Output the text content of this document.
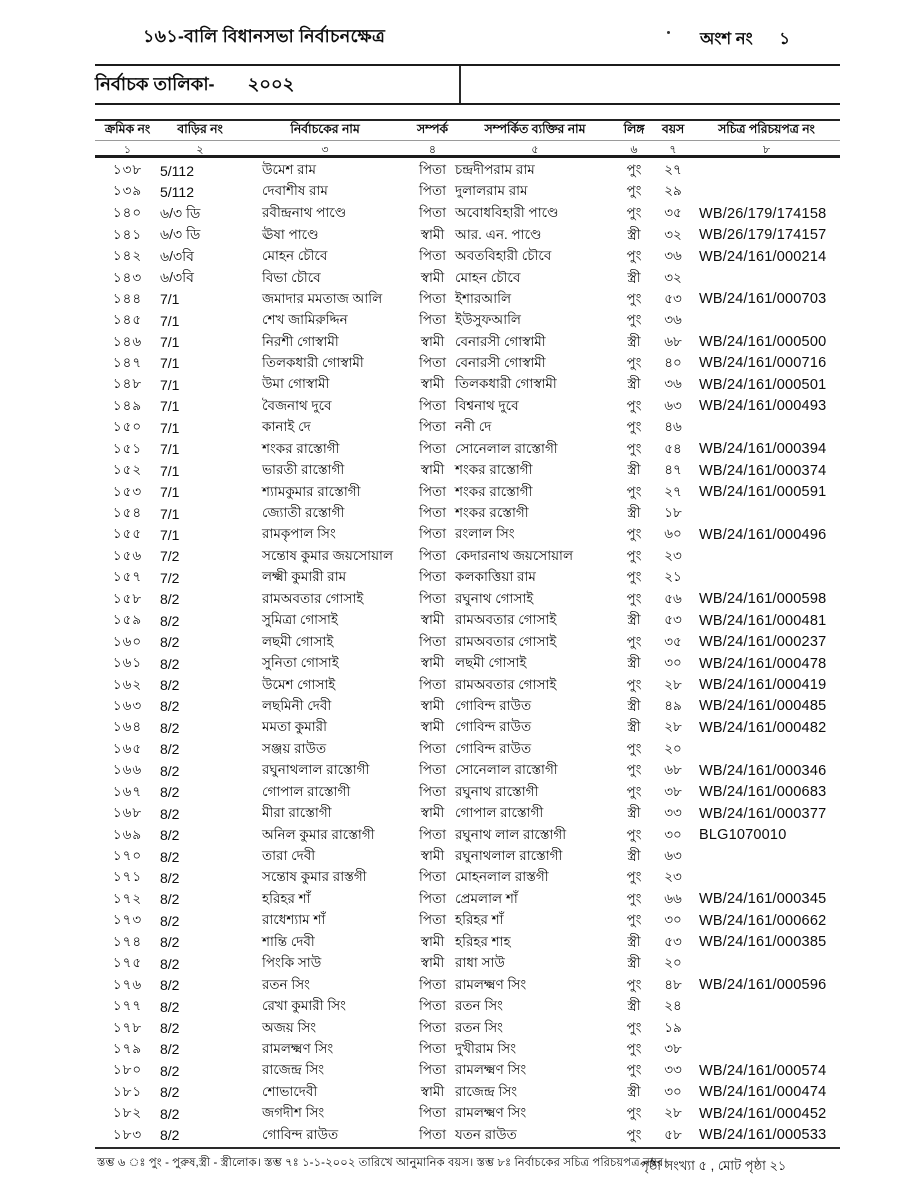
১৬১-বালি বিধানসভা নির্বাচনক্ষেত্র	অংশ নং ১
নির্বাচক তালিকা- ২০০২
ক্রমিক নং	বাড়ির নং	নির্বাচকের নাম	সম্পর্ক	সম্পর্কিত ব্যক্তির নাম	লিঙ্গ	বয়স	সচিত্র পরিচয়পত্র নং
১	২	৩	৪	৫	৬	৭	৮
১৩৮	5/112	উমেশ রাম	পিতা চন্দ্রদীপরাম রাম	পুং	২৭
১৩৯	5/112	দেবাশীষ রাম	পিতা দুলালরাম রাম	পুং	২৯
১৪০	৬/৩ ডি	রবীন্দ্রনাথ পাণ্ডে	পিতা অবোধবিহারী পাণ্ডে	পুং	৩৫	WB/26/179/174158
১৪১	৬/৩ ডি	ঊষা পাণ্ডে	স্বামী আর. এন. পাণ্ডে	স্ত্রী	৩২	WB/26/179/174157
১৪২	৬/৩বি	মোহন চৌবে	পিতা অবতবিহারী চৌবে	পুং	৩৬	WB/24/161/000214
১৪৩	৬/৩বি	বিভা চৌবে	স্বামী মোহন চৌবে	স্ত্রী	৩২
১৪৪	7/1	জমাদার মমতাজ আলি	পিতা ইশারআলি	পুং	৫৩	WB/24/161/000703
১৪৫	7/1	শেখ জামিরুদ্দিন	পিতা ইউসুফআলি	পুং	৩৬
১৪৬	7/1	নিরশী গোস্বামী	স্বামী বেনারসী গোস্বামী	স্ত্রী	৬৮	WB/24/161/000500
১৪৭	7/1	তিলকধারী গোস্বামী	পিতা বেনারসী গোস্বামী	পুং	৪০	WB/24/161/000716
১৪৮	7/1	উমা গোস্বামী	স্বামী তিলকধারী গোস্বামী	স্ত্রী	৩৬	WB/24/161/000501
১৪৯	7/1	বৈজনাথ দুবে	পিতা বিশ্বনাথ দুবে	পুং	৬৩	WB/24/161/000493
১৫০	7/1	কানাই দে	পিতা ননী দে	পুং	৪৬
১৫১	7/1	শংকর রাস্তোগী	পিতা সোনেলাল রাস্তোগী	পুং	৫৪	WB/24/161/000394
১৫২	7/1	ভারতী রাস্তোগী	স্বামী শংকর রাস্তোগী	স্ত্রী	৪৭	WB/24/161/000374
১৫৩	7/1	শ্যামকুমার রাস্তোগী	পিতা শংকর রাস্তোগী	পুং	২৭	WB/24/161/000591
১৫৪	7/1	জ্যোতী রস্তোগী	পিতা শংকর রস্তোগী	স্ত্রী	১৮
১৫৫	7/1	রামকৃপাল সিং	পিতা রংলাল সিং	পুং	৬০	WB/24/161/000496
১৫৬	7/2	সন্তোষ কুমার জয়সোয়াল	পিতা কেদারনাথ জয়সোয়াল	পুং	২৩
১৫৭	7/2	লক্ষ্মী কুমারী রাম	পিতা কলকাত্তিয়া রাম	পুং	২১
১৫৮	8/2	রামঅবতার গোসাই	পিতা রঘুনাথ গোসাই	পুং	৫৬	WB/24/161/000598
১৫৯	8/2	সুমিত্রা গোসাই	স্বামী রামঅবতার গোসাই	স্ত্রী	৫৩	WB/24/161/000481
১৬০	8/2	লছমী গোসাই	পিতা রামঅবতার গোসাই	পুং	৩৫	WB/24/161/000237
১৬১	8/2	সুনিতা গোসাই	স্বামী লছমী গোসাই	স্ত্রী	৩০	WB/24/161/000478
১৬২	8/2	উমেশ গোসাই	পিতা রামঅবতার গোসাই	পুং	২৮	WB/24/161/000419
১৬৩	8/2	লছমিনী দেবী	স্বামী গোবিন্দ রাউত	স্ত্রী	৪৯	WB/24/161/000485
১৬৪	8/2	মমতা কুমারী	স্বামী গোবিন্দ রাউত	স্ত্রী	২৮	WB/24/161/000482
১৬৫	8/2	সঞ্জয় রাউত	পিতা গোবিন্দ রাউত	পুং	২০
১৬৬	8/2	রঘুনাথলাল রাস্তোগী	পিতা সোনেলাল রাস্তোগী	পুং	৬৮	WB/24/161/000346
১৬৭	8/2	গোপাল রাস্তোগী	পিতা রঘুনাথ রাস্তোগী	পুং	৩৮	WB/24/161/000683
১৬৮	8/2	মীরা রাস্তোগী	স্বামী গোপাল রাস্তোগী	স্ত্রী	৩৩	WB/24/161/000377
১৬৯	8/2	অনিল কুমার রাস্তোগী	পিতা রঘুনাথ লাল রাস্তোগী	পুং	৩০	BLG1070010
১৭০	8/2	তারা দেবী	স্বামী রঘুনাথলাল রাস্তোগী	স্ত্রী	৬৩
১৭১	8/2	সন্তোষ কুমার রাস্তগী	পিতা মোহনলাল রাস্তগী	পুং	২৩
১৭২	8/2	হরিহর শাঁ	পিতা প্রেমলাল শাঁ	পুং	৬৬	WB/24/161/000345
১৭৩	8/2	রাধেশ্যাম শাঁ	পিতা হরিহর শাঁ	পুং	৩০	WB/24/161/000662
১৭৪	8/2	শান্তি দেবী	স্বামী হরিহর শাহ	স্ত্রী	৫৩	WB/24/161/000385
১৭৫	8/2	পিংকি সাউ	স্বামী রাধা সাউ	স্ত্রী	২০
১৭৬	8/2	রতন সিং	পিতা রামলক্ষ্মণ সিং	পুং	৪৮	WB/24/161/000596
১৭৭	8/2	রেখা কুমারী সিং	পিতা রতন সিং	স্ত্রী	২৪
১৭৮	8/2	অজয় সিং	পিতা রতন সিং	পুং	১৯
১৭৯	8/2	রামলক্ষ্মণ সিং	পিতা দুখীরাম সিং	পুং	৩৮
১৮০	8/2	রাজেন্দ্র সিং	পিতা রামলক্ষ্মণ সিং	পুং	৩৩	WB/24/161/000574
১৮১	8/2	শোভাদেবী	স্বামী রাজেন্দ্র সিং	স্ত্রী	৩০	WB/24/161/000474
১৮২	8/2	জগদীশ সিং	পিতা রামলক্ষ্মণ সিং	পুং	২৮	WB/24/161/000452
১৮৩	8/2	গোবিন্দ রাউত	পিতা যতন রাউত	পুং	৫৮	WB/24/161/000533
স্তম্ভ ৬ ঃ পুং - পুরুষ,স্ত্রী - স্ত্রীলোক। স্তম্ভ ৭ঃ ১-১-২০০২ তারিখে আনুমানিক বয়স। স্তম্ভ ৮ঃ নির্বাচকের সচিত্র পরিচয়পত্র নম্বর।
পৃষ্ঠা সংখ্যা ৫ , মোট পৃষ্ঠা ২১
